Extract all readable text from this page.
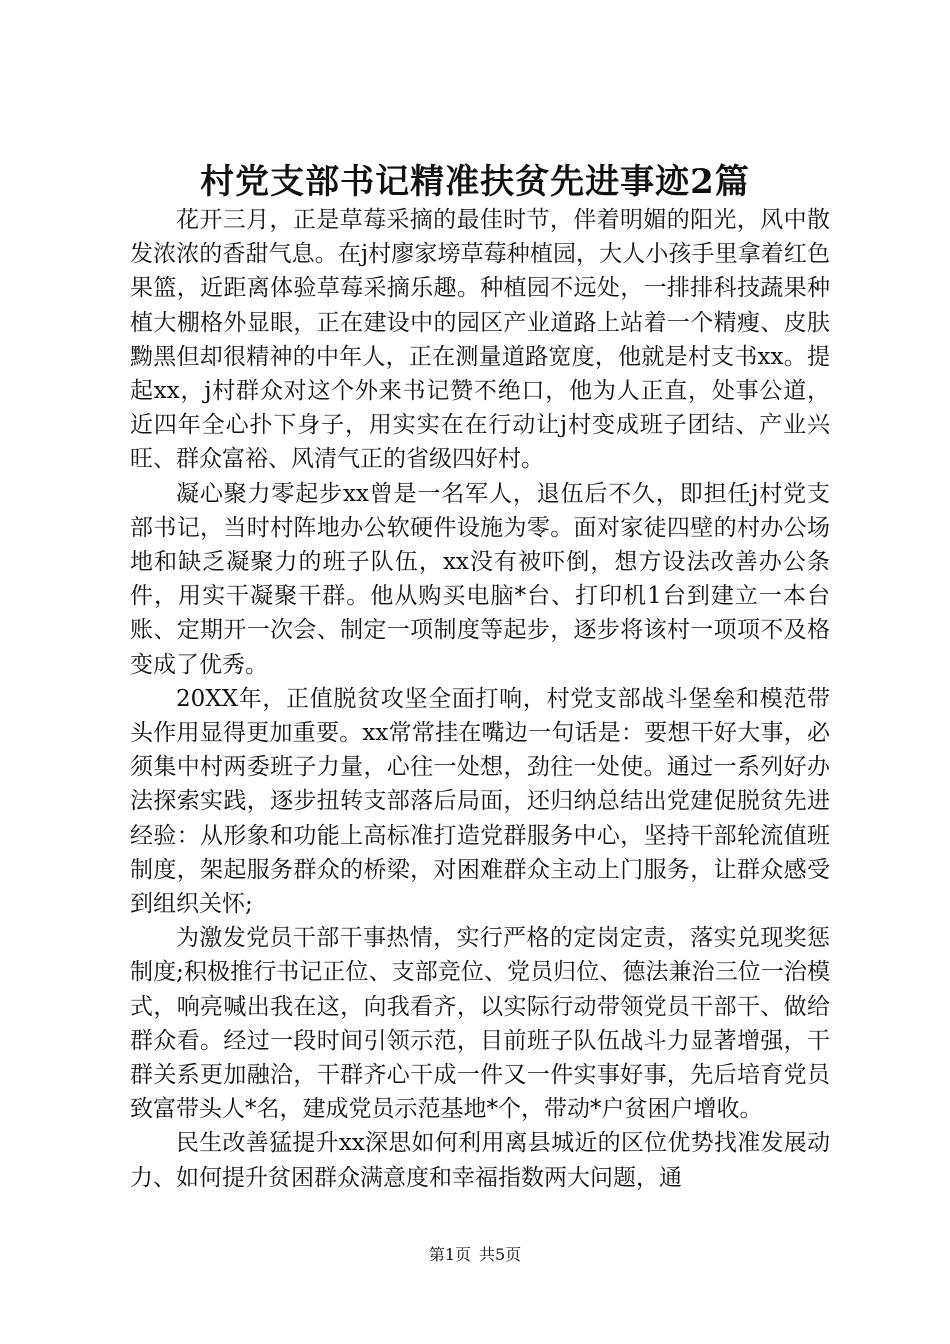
村党支部书记精准扶贫先进事迹2篇

花开三月，正是草莓采摘的最佳时节，伴着明媚的阳光，风中散发浓浓的香甜气息。在j村廖家塝草莓种植园，大人小孩手里拿着红色果篮，近距离体验草莓采摘乐趣。种植园不远处，一排排科技蔬果种植大棚格外显眼，正在建设中的园区产业道路上站着一个精瘦、皮肤黝黑但却很精神的中年人，正在测量道路宽度，他就是村支书xx。提起xx，j村群众对这个外来书记赞不绝口，他为人正直，处事公道，近四年全心扑下身子，用实实在在行动让j村变成班子团结、产业兴旺、群众富裕、风清气正的省级四好村。

凝心聚力零起步xx曾是一名军人，退伍后不久，即担任j村党支部书记，当时村阵地办公软硬件设施为零。面对家徒四壁的村办公场地和缺乏凝聚力的班子队伍，xx没有被吓倒，想方设法改善办公条件，用实干凝聚干群。他从购买电脑*台、打印机1台到建立一本台账、定期开一次会、制定一项制度等起步，逐步将该村一项项不及格变成了优秀。

20XX年，正值脱贫攻坚全面打响，村党支部战斗堡垒和模范带头作用显得更加重要。xx常常挂在嘴边一句话是：要想干好大事，必须集中村两委班子力量，心往一处想，劲往一处使。通过一系列好办法探索实践，逐步扭转支部落后局面，还归纳总结出党建促脱贫先进经验：从形象和功能上高标准打造党群服务中心，坚持干部轮流值班制度，架起服务群众的桥梁，对困难群众主动上门服务，让群众感受到组织关怀;

为激发党员干部干事热情，实行严格的定岗定责，落实兑现奖惩制度;积极推行书记正位、支部竞位、党员归位、德法兼治三位一治模式，响亮喊出我在这，向我看齐，以实际行动带领党员干部干、做给群众看。经过一段时间引领示范，目前班子队伍战斗力显著增强，干群关系更加融洽，干群齐心干成一件又一件实事好事，先后培育党员致富带头人*名，建成党员示范基地*个，带动*户贫困户增收。

民生改善猛提升xx深思如何利用离县城近的区位优势找准发展动力、如何提升贫困群众满意度和幸福指数两大问题，通

第1页 共5页
